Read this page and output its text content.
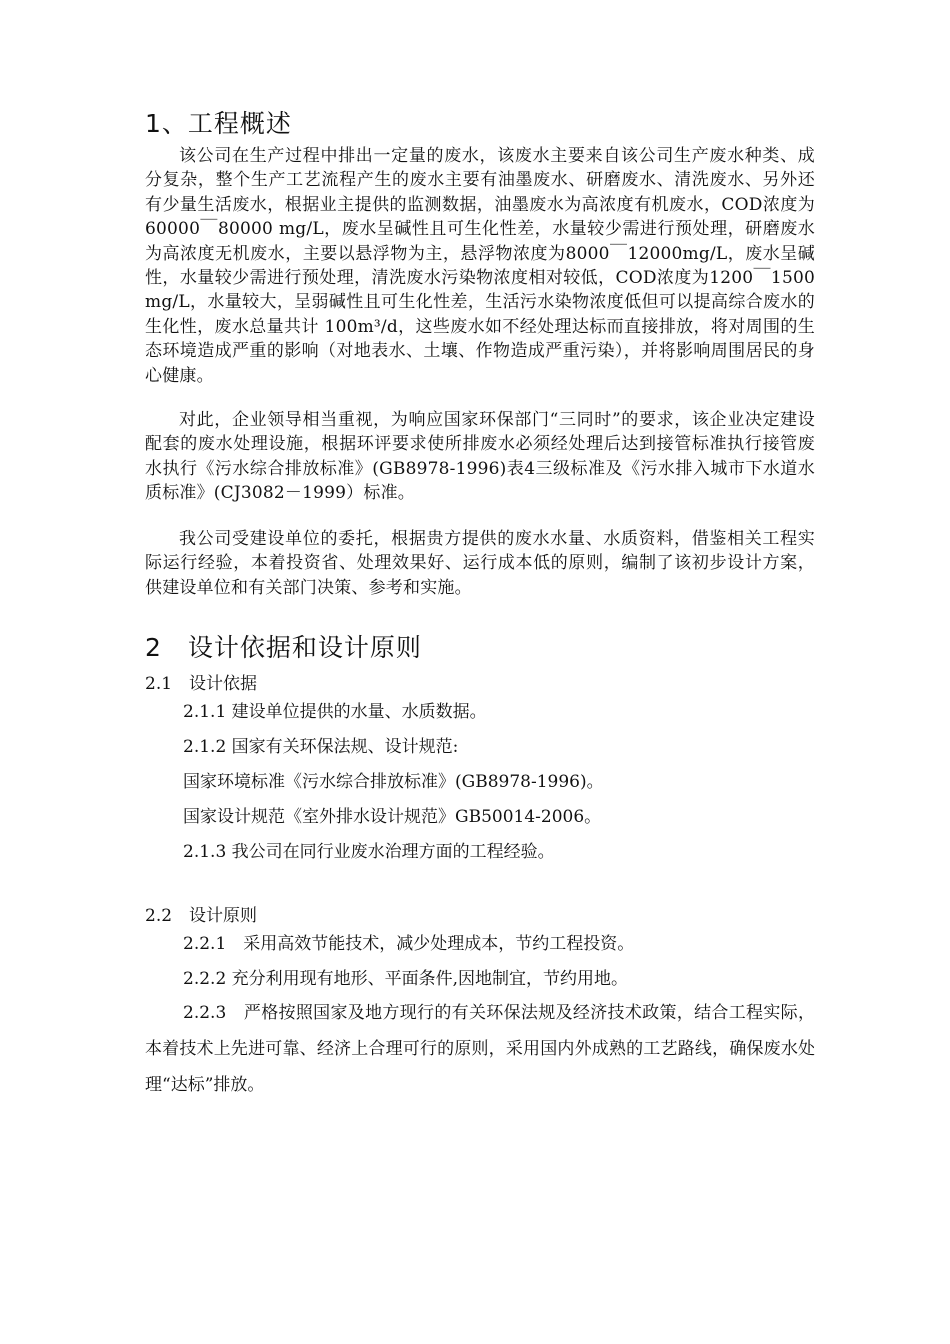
1、工程概述

该公司在生产过程中排出一定量的废水，该废水主要来自该公司生产废水种类、成分复杂，整个生产工艺流程产生的废水主要有油墨废水、研磨废水、清洗废水、另外还有少量生活废水，根据业主提供的监测数据，油墨废水为高浓度有机废水，COD浓度为60000￣80000 mg/L，废水呈碱性且可生化性差，水量较少需进行预处理，研磨废水为高浓度无机废水，主要以悬浮物为主，悬浮物浓度为8000￣12000mg/L，废水呈碱性，水量较少需进行预处理，清洗废水污染物浓度相对较低，COD浓度为1200￣1500 mg/L，水量较大，呈弱碱性且可生化性差，生活污水染物浓度低但可以提高综合废水的生化性，废水总量共计 100m³/d，这些废水如不经处理达标而直接排放，将对周围的生态环境造成严重的影响（对地表水、土壤、作物造成严重污染），并将影响周围居民的身心健康。

对此，企业领导相当重视，为响应国家环保部门“三同时”的要求，该企业决定建设配套的废水处理设施，根据环评要求使所排废水必须经处理后达到接管标准执行接管废水执行《污水综合排放标准》(GB8978-1996)表4三级标准及《污水排入城市下水道水质标准》(CJ3082－1999）标准。

我公司受建设单位的委托，根据贵方提供的废水水量、水质资料，借鉴相关工程实际运行经验，本着投资省、处理效果好、运行成本低的原则，编制了该初步设计方案，供建设单位和有关部门决策、参考和实施。

2　设计依据和设计原则

2.1　设计依据

2.1.1 建设单位提供的水量、水质数据。

2.1.2 国家有关环保法规、设计规范:

国家环境标准《污水综合排放标准》(GB8978-1996)。

国家设计规范《室外排水设计规范》GB50014-2006。

2.1.3 我公司在同行业废水治理方面的工程经验。

2.2　设计原则

2.2.1　采用高效节能技术，减少处理成本，节约工程投资。

2.2.2 充分利用现有地形、平面条件,因地制宜，节约用地。

2.2.3　严格按照国家及地方现行的有关环保法规及经济技术政策，结合工程实际，本着技术上先进可靠、经济上合理可行的原则，采用国内外成熟的工艺路线，确保废水处理“达标”排放。
